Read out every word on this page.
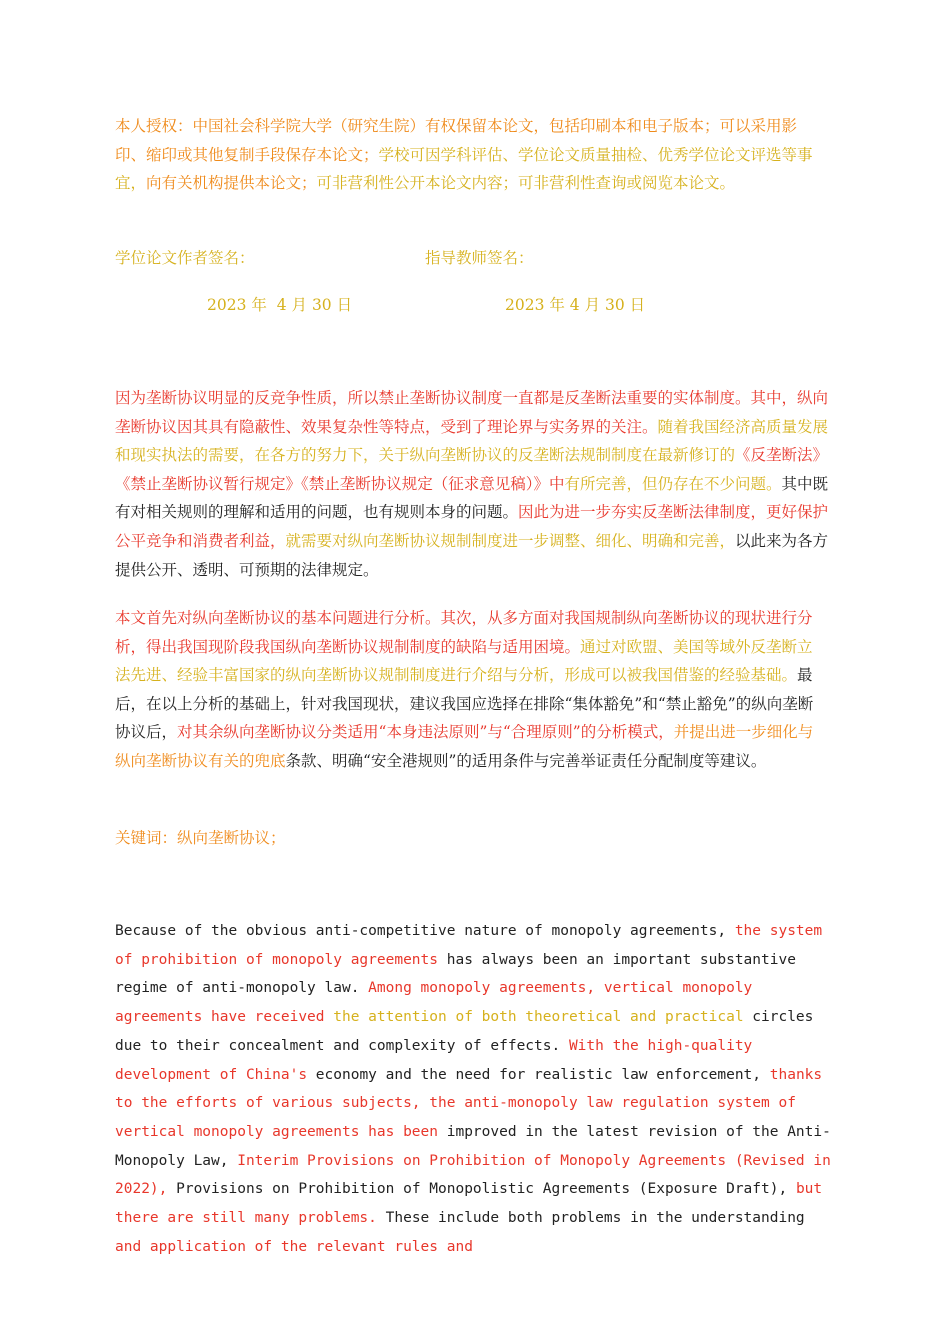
本人授权：中国社会科学院大学（研究生院）有权保留本论文，包括印刷本和电子版本；可以采用影印、缩印或其他复制手段保存本论文；学校可因学科评估、学位论文质量抽检、优秀学位论文评选等事宜，向有关机构提供本论文；可非营利性公开本论文内容；可非营利性查询或阅览本论文。

学位论文作者签名：	指导教师签名：
2023 年  4 月 30 日	2023 年 4 月 30 日

因为垄断协议明显的反竞争性质，所以禁止垄断协议制度一直都是反垄断法重要的实体制度。其中，纵向垄断协议因其具有隐蔽性、效果复杂性等特点，受到了理论界与实务界的关注。随着我国经济高质量发展和现实执法的需要，在各方的努力下，关于纵向垄断协议的反垄断法规制制度在最新修订的《反垄断法》《禁止垄断协议暂行规定》《禁止垄断协议规定（征求意见稿）》中有所完善，但仍存在不少问题。其中既有对相关规则的理解和适用的问题，也有规则本身的问题。因此为进一步夯实反垄断法律制度，更好保护公平竞争和消费者利益，就需要对纵向垄断协议规制制度进一步调整、细化、明确和完善，以此来为各方提供公开、透明、可预期的法律规定。

本文首先对纵向垄断协议的基本问题进行分析。其次，从多方面对我国规制纵向垄断协议的现状进行分析，得出我国现阶段我国纵向垄断协议规制制度的缺陷与适用困境。通过对欧盟、美国等域外反垄断立法先进、经验丰富国家的纵向垄断协议规制制度进行介绍与分析，形成可以被我国借鉴的经验基础。最后，在以上分析的基础上，针对我国现状，建议我国应选择在排除“集体豁免”和“禁止豁免”的纵向垄断协议后，对其余纵向垄断协议分类适用“本身违法原则”与“合理原则”的分析模式，并提出进一步细化与纵向垄断协议有关的兜底条款、明确“安全港规则”的适用条件与完善举证责任分配制度等建议。

关键词：纵向垄断协议；

Because of the obvious anti-competitive nature of monopoly agreements, the system of prohibition of monopoly agreements has always been an important substantive regime of anti-monopoly law. Among monopoly agreements, vertical monopoly agreements have received the attention of both theoretical and practical circles due to their concealment and complexity of effects. With the high-quality development of China's economy and the need for realistic law enforcement, thanks to the efforts of various subjects, the anti-monopoly law regulation system of vertical monopoly agreements has been improved in the latest revision of the Anti-Monopoly Law, Interim Provisions on Prohibition of Monopoly Agreements (Revised in 2022), Provisions on Prohibition of Monopolistic Agreements (Exposure Draft), but there are still many problems. These include both problems in the understanding and application of the relevant rules and
